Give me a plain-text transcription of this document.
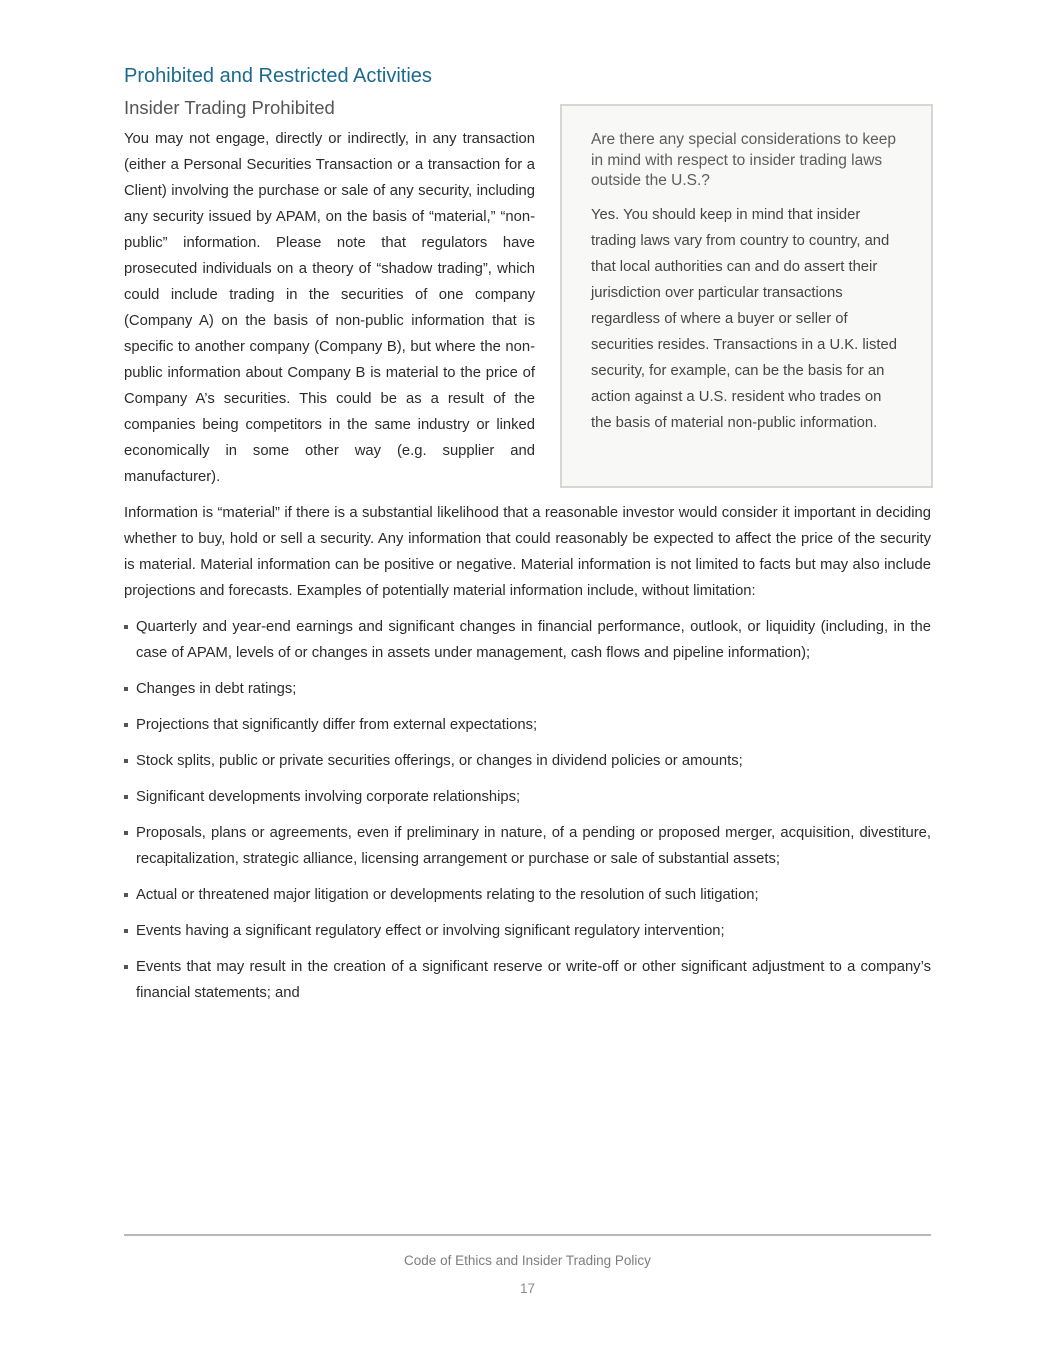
Prohibited and Restricted Activities
Insider Trading Prohibited

Are there any special considerations to keep in mind with respect to insider trading laws outside the U.S.?

Yes. You should keep in mind that insider trading laws vary from country to country, and that local authorities can and do assert their jurisdiction over particular transactions regardless of where a buyer or seller of securities resides. Transactions in a U.K. listed security, for example, can be the basis for an action against a U.S. resident who trades on the basis of material non-public information.

You may not engage, directly or indirectly, in any transaction (either a Personal Securities Transaction or a transaction for a Client) involving the purchase or sale of any security, including any security issued by APAM, on the basis of “material,” “non-public” information. Please note that regulators have prosecuted individuals on a theory of “shadow trading”, which could include trading in the securities of one company (Company A) on the basis of non-public information that is specific to another company (Company B), but where the non-public information about Company B is material to the price of Company A’s securities. This could be as a result of the companies being competitors in the same industry or linked economically in some other way (e.g. supplier and manufacturer).

Information is “material” if there is a substantial likelihood that a reasonable investor would consider it important in deciding whether to buy, hold or sell a security. Any information that could reasonably be expected to affect the price of the security is material. Material information can be positive or negative. Material information is not limited to facts but may also include projections and forecasts. Examples of potentially material information include, without limitation:

Quarterly and year-end earnings and significant changes in financial performance, outlook, or liquidity (including, in the case of APAM, levels of or changes in assets under management, cash flows and pipeline information);
Changes in debt ratings;
Projections that significantly differ from external expectations;
Stock splits, public or private securities offerings, or changes in dividend policies or amounts;
Significant developments involving corporate relationships;
Proposals, plans or agreements, even if preliminary in nature, of a pending or proposed merger, acquisition, divestiture, recapitalization, strategic alliance, licensing arrangement or purchase or sale of substantial assets;
Actual or threatened major litigation or developments relating to the resolution of such litigation;
Events having a significant regulatory effect or involving significant regulatory intervention;
Events that may result in the creation of a significant reserve or write-off or other significant adjustment to a company’s financial statements; and
Code of Ethics and Insider Trading Policy
17
